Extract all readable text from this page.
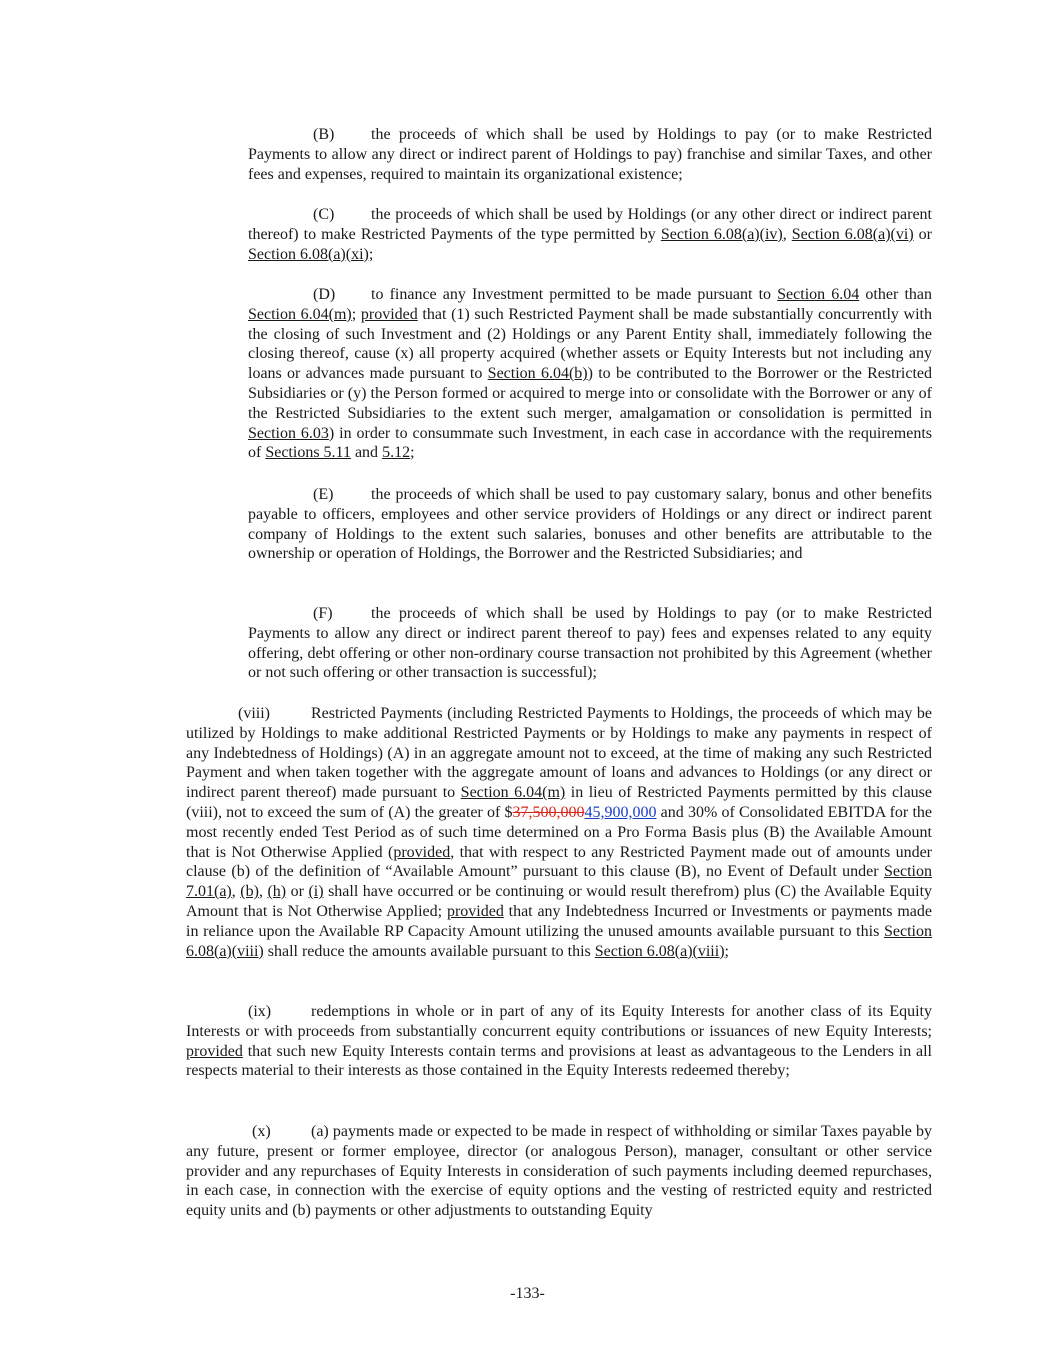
(B) the proceeds of which shall be used by Holdings to pay (or to make Restricted Payments to allow any direct or indirect parent of Holdings to pay) franchise and similar Taxes, and other fees and expenses, required to maintain its organizational existence;

(C) the proceeds of which shall be used by Holdings (or any other direct or indirect parent thereof) to make Restricted Payments of the type permitted by Section 6.08(a)(iv), Section 6.08(a)(vi) or Section 6.08(a)(xi);

(D) to finance any Investment permitted to be made pursuant to Section 6.04 other than Section 6.04(m); provided that (1) such Restricted Payment shall be made substantially concurrently with the closing of such Investment and (2) Holdings or any Parent Entity shall, immediately following the closing thereof, cause (x) all property acquired (whether assets or Equity Interests but not including any loans or advances made pursuant to Section 6.04(b)) to be contributed to the Borrower or the Restricted Subsidiaries or (y) the Person formed or acquired to merge into or consolidate with the Borrower or any of the Restricted Subsidiaries to the extent such merger, amalgamation or consolidation is permitted in Section 6.03) in order to consummate such Investment, in each case in accordance with the requirements of Sections 5.11 and 5.12;

(E) the proceeds of which shall be used to pay customary salary, bonus and other benefits payable to officers, employees and other service providers of Holdings or any direct or indirect parent company of Holdings to the extent such salaries, bonuses and other benefits are attributable to the ownership or operation of Holdings, the Borrower and the Restricted Subsidiaries; and

(F) the proceeds of which shall be used by Holdings to pay (or to make Restricted Payments to allow any direct or indirect parent thereof to pay) fees and expenses related to any equity offering, debt offering or other non-ordinary course transaction not prohibited by this Agreement (whether or not such offering or other transaction is successful);

(viii)	Restricted Payments (including Restricted Payments to Holdings, the proceeds of which may be utilized by Holdings to make additional Restricted Payments or by Holdings to make any payments in respect of any Indebtedness of Holdings) (A) in an aggregate amount not to exceed, at the time of making any such Restricted Payment and when taken together with the aggregate amount of loans and advances to Holdings (or any direct or indirect parent thereof) made pursuant to Section 6.04(m) in lieu of Restricted Payments permitted by this clause (viii), not to exceed the sum of (A) the greater of $37,500,00045,900,000 and 30% of Consolidated EBITDA for the most recently ended Test Period as of such time determined on a Pro Forma Basis plus (B) the Available Amount that is Not Otherwise Applied (provided, that with respect to any Restricted Payment made out of amounts under clause (b) of the definition of “Available Amount” pursuant to this clause (B), no Event of Default under Section 7.01(a), (b), (h) or (i) shall have occurred or be continuing or would result therefrom) plus (C) the Available Equity Amount that is Not Otherwise Applied; provided that any Indebtedness Incurred or Investments or payments made in reliance upon the Available RP Capacity Amount utilizing the unused amounts available pursuant to this Section 6.08(a)(viii) shall reduce the amounts available pursuant to this Section 6.08(a)(viii);

(ix) redemptions in whole or in part of any of its Equity Interests for another class of its Equity Interests or with proceeds from substantially concurrent equity contributions or issuances of new Equity Interests; provided that such new Equity Interests contain terms and provisions at least as advantageous to the Lenders in all respects material to their interests as those contained in the Equity Interests redeemed thereby;

(x)	(a) payments made or expected to be made in respect of withholding or similar Taxes payable by any future, present or former employee, director (or analogous Person), manager, consultant or other service provider and any repurchases of Equity Interests in consideration of such payments including deemed repurchases, in each case, in connection with the exercise of equity options and the vesting of restricted equity and restricted equity units and (b) payments or other adjustments to outstanding Equity

-133-
